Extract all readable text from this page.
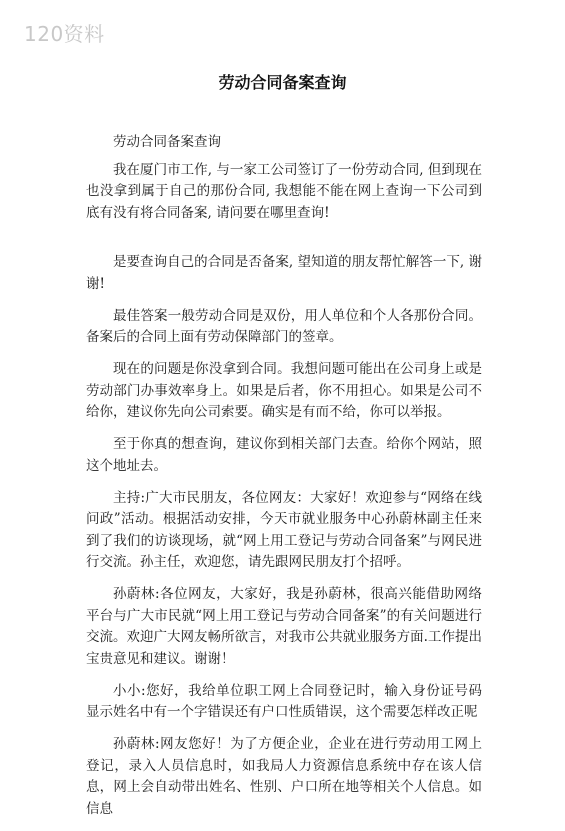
120资料
劳动合同备案查询

劳动合同备案查询

我在厦门市工作, 与一家工公司签订了一份劳动合同, 但到现在也没拿到属于自己的那份合同, 我想能不能在网上查询一下公司到底有没有将合同备案, 请问要在哪里查询!

是要查询自己的合同是否备案, 望知道的朋友帮忙解答一下, 谢谢!

最佳答案一般劳动合同是双份，用人单位和个人各那份合同。备案后的合同上面有劳动保障部门的签章。

现在的问题是你没拿到合同。我想问题可能出在公司身上或是劳动部门办事效率身上。如果是后者，你不用担心。如果是公司不给你，建议你先向公司索要。确实是有而不给，你可以举报。

至于你真的想查询，建议你到相关部门去查。给你个网站，照这个地址去。

主持:广大市民朋友，各位网友：大家好！欢迎参与“网络在线问政”活动。根据活动安排，今天市就业服务中心孙蔚林副主任来到了我们的访谈现场，就“网上用工登记与劳动合同备案”与网民进行交流。孙主任，欢迎您，请先跟网民朋友打个招呼。

孙蔚林:各位网友，大家好，我是孙蔚林，很高兴能借助网络平台与广大市民就“网上用工登记与劳动合同备案”的有关问题进行交流。欢迎广大网友畅所欲言，对我市公共就业服务方面.工作提出宝贵意见和建议。谢谢！

小小:您好，我给单位职工网上合同登记时，输入身份证号码显示姓名中有一个字错误还有户口性质错误，这个需要怎样改正呢

孙蔚林:网友您好！为了方便企业，企业在进行劳动用工网上登记，录入人员信息时，如我局人力资源信息系统中存在该人信息，网上会自动带出姓名、性别、户口所在地等相关个人信息。如信息
